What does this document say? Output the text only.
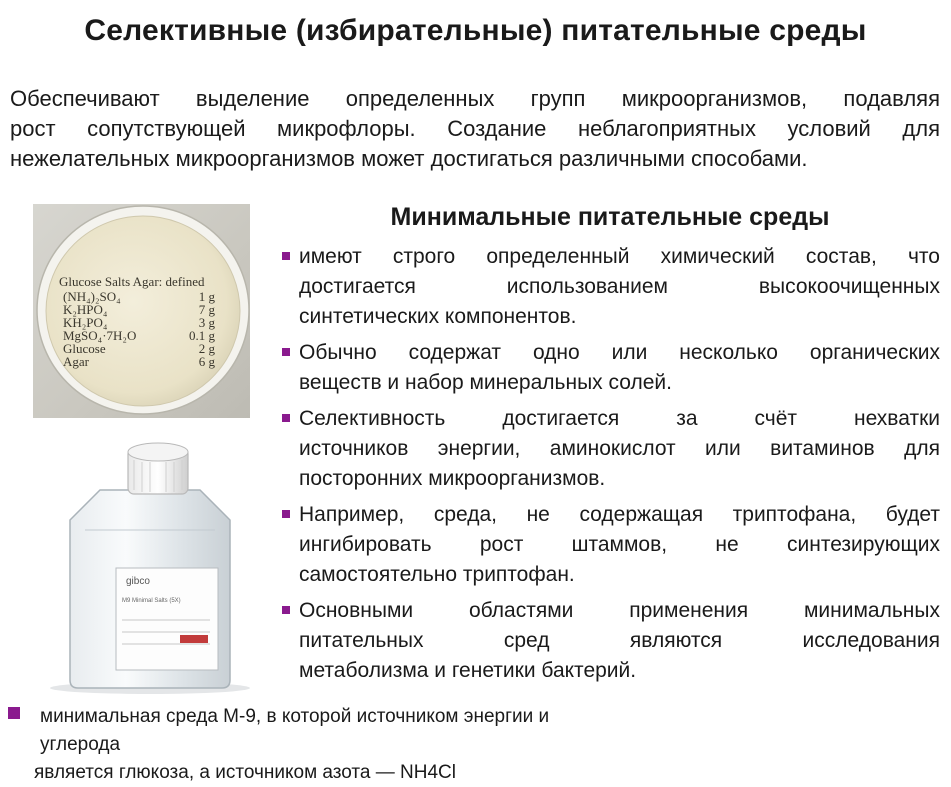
Селективные (избирательные) питательные среды
Обеспечивают выделение определенных групп микроорганизмов, подавляя
рост сопутствующей микрофлоры. Создание неблагоприятных условий для
нежелательных микроорганизмов может достигаться различными способами.
Glucose Salts Agar: defined
(NH₄)₂SO₄	1 g
K₂HPO₄	7 g
KH₂PO₄	3 g
MgSO₄·7H₂O	0.1 g
Glucose	2 g
Agar	6 g
gibco
M9 Minimal Salts (5X)
Минимальные питательные среды
имеют строго определенный химический состав, что
достигается использованием высокоочищенных
синтетических компонентов.
Обычно содержат одно или несколько органических
веществ и набор минеральных солей.
Селективность достигается за счёт нехватки
источников энергии, аминокислот или витаминов для
посторонних микроорганизмов.
Например, среда, не содержащая триптофана, будет
ингибировать рост штаммов, не синтезирующих
самостоятельно триптофан.
Основными областями применения минимальных
питательных сред являются исследования
метаболизма и генетики бактерий.
минимальная среда М-9, в которой источником энергии и углерода
является глюкоза, а источником азота — NH4Cl
